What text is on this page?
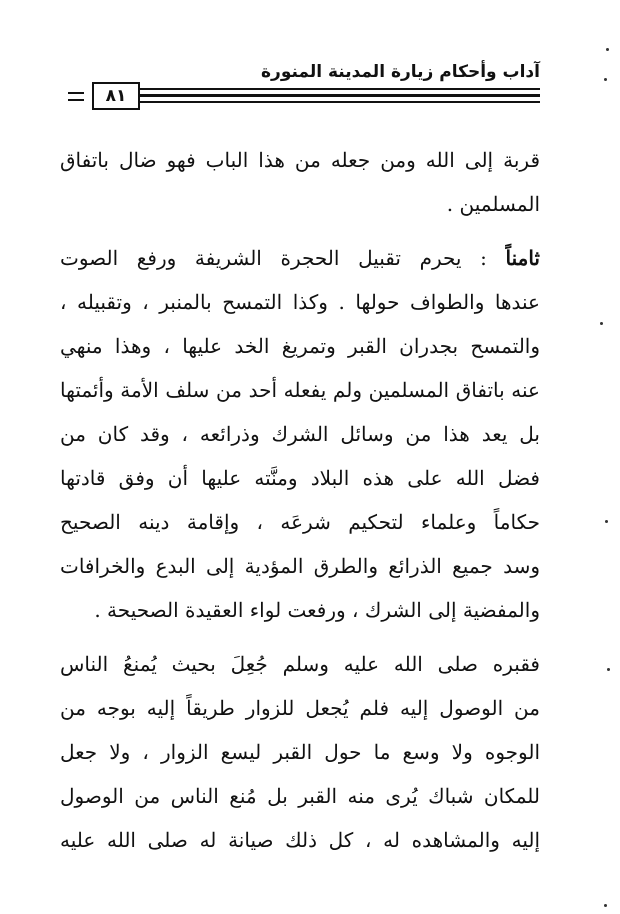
آداب وأحكام زيارة المدينة المنورة
٨١
قربة إلى الله ومن جعله من هذا الباب فهو ضال باتفاق
المسلمين .
ثامناً : يحرم تقبيل الحجرة الشريفة ورفع الصوت
عندها والطواف حولها . وكذا التمسح بالمنبر ، وتقبيله ،
والتمسح بجدران القبر وتمريغ الخد عليها ، وهذا منهي
عنه باتفاق المسلمين ولم يفعله أحد من سلف الأمة وأئمتها
بل يعد هذا من وسائل الشرك وذرائعه ، وقد كان من
فضل الله على هذه البلاد ومنَّته عليها أن وفق قادتها
حكاماً وعلماء لتحكيم شرعَه ، وإقامة دينه الصحيح
وسد جميع الذرائع والطرق المؤدية إلى البدع والخرافات
والمفضية إلى الشرك ، ورفعت لواء العقيدة الصحيحة .
فقبره صلى الله عليه وسلم جُعِلَ بحيث يُمنعُ الناس
من الوصول إليه فلم يُجعل للزوار طريقاً إليه بوجه من
الوجوه ولا وسع ما حول القبر ليسع الزوار ، ولا جعل
للمكان شباك يُرى منه القبر بل مُنع الناس من الوصول
إليه والمشاهده له ، كل ذلك صيانة له صلى الله عليه
